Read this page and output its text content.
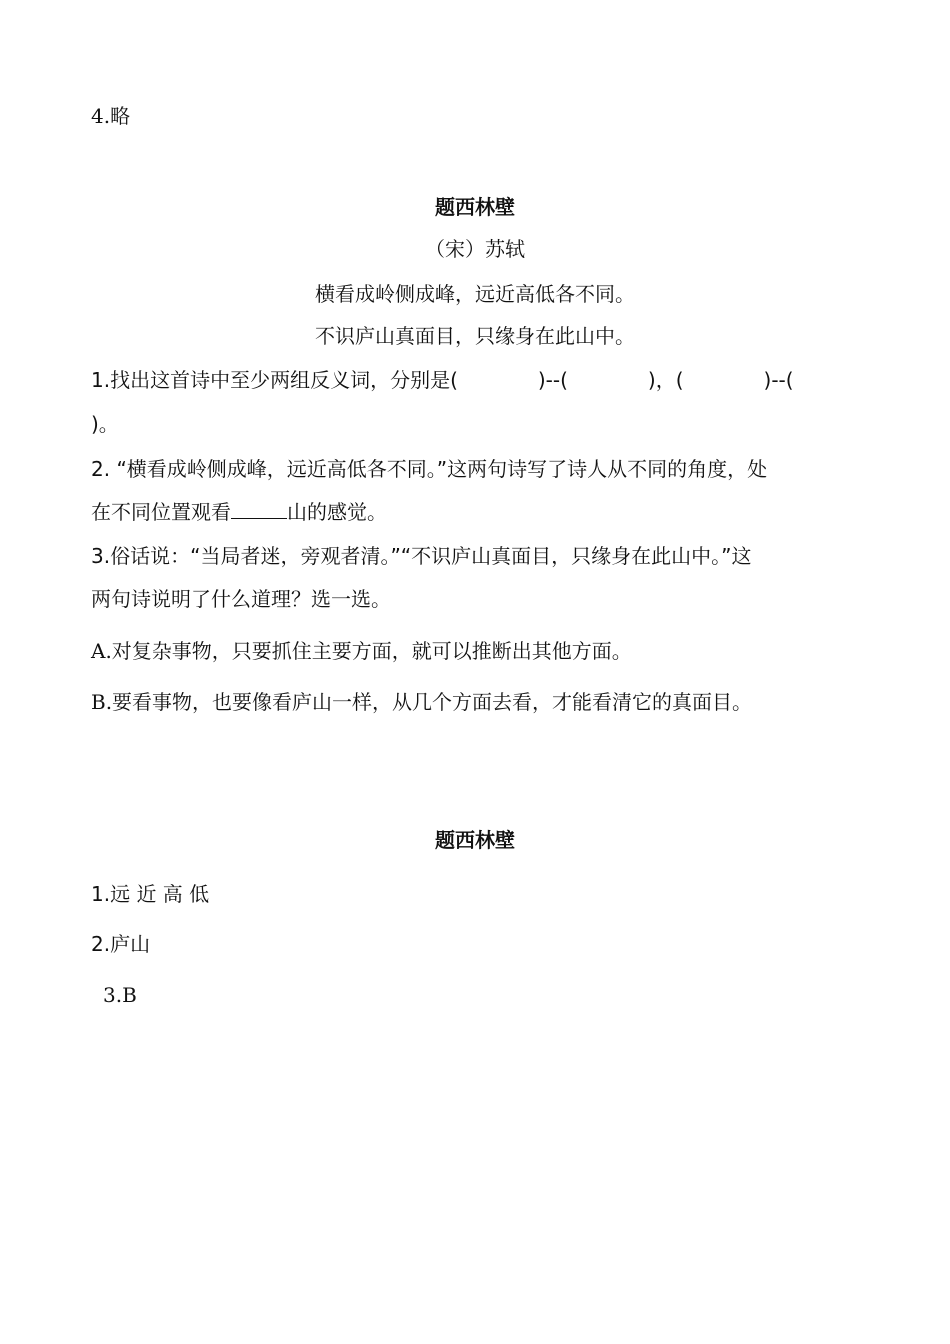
4.略
题西林壁
（宋）苏轼
横看成岭侧成峰，远近高低各不同。
不识庐山真面目，只缘身在此山中。
1.找出这首诗中至少两组反义词，分别是(　　　　)--(　　　　)，(　　　　)--(
)。
2. “横看成岭侧成峰，远近高低各不同。”这两句诗写了诗人从不同的角度，处
在不同位置观看	山的感觉。
3.俗话说：“当局者迷，旁观者清。”“不识庐山真面目，只缘身在此山中。”这
两句诗说明了什么道理？选一选。
A.对复杂事物，只要抓住主要方面，就可以推断出其他方面。
B.要看事物，也要像看庐山一样，从几个方面去看，才能看清它的真面目。
题西林壁
1.远 近 高 低
2.庐山
3.B
